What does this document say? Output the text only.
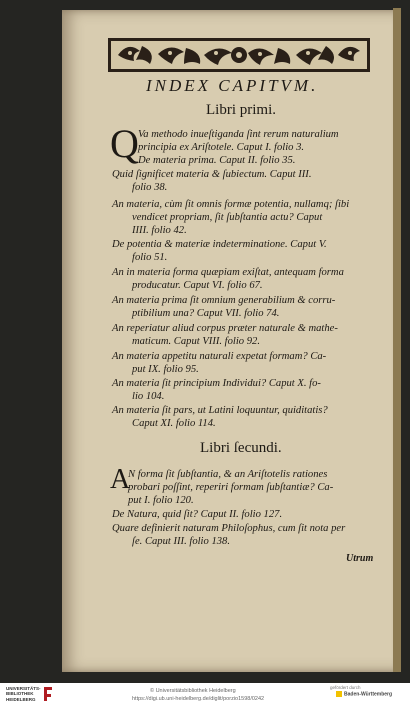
INDEX CAPITVM.
Libri primi.
Q Va methodo inueſtiganda ſint rerum naturalium
principia ex Ariſtotele. Caput I. folio 3.
De materia prima. Caput II. folio 35.
Quid ſignificet materia & ſubiectum. Caput III.
folio 38.
An materia, cùm ſit omnis formæ potentia, nullamq; ſibi
vendicet propriam, ſit ſubſtantia actu? Caput
IIII. folio 42.
De potentia & materiæ indeterminatione. Caput V.
folio 51.
An in materia forma quæpiam exiſtat, antequam forma
producatur. Caput VI. folio 67.
An materia prima ſit omnium generabilium & corru-
ptibilium una? Caput VII. folio 74.
An reperiatur aliud corpus præter naturale & mathe-
maticum. Caput VIII. folio 92.
An materia appetitu naturali expetat formam? Ca-
put IX. folio 95.
An materia ſit principium Individui? Caput X. fo-
lio 104.
An materia ſit pars, ut Latini loquuntur, quiditatis?
Caput XI. folio 114.
Libri ſecundi.
A
N forma ſit ſubſtantia, & an Ariſtotelis rationes
probari poſſint, reperiri formam ſubſtantiæ? Ca-
put I. folio 120.
De Natura, quid ſit? Caput II. folio 127.
Quare definierit naturam Philoſophus, cum ſit nota per
ſe. Caput III. folio 138.
Utrum
UNIVERSITÄTS-
BIBLIOTHEK
HEIDELBERG
© Universitätsbibliothek Heidelberg
https://digi.ub.uni-heidelberg.de/diglit/porzio1598/0242
gefördert durch
Baden-Württemberg
